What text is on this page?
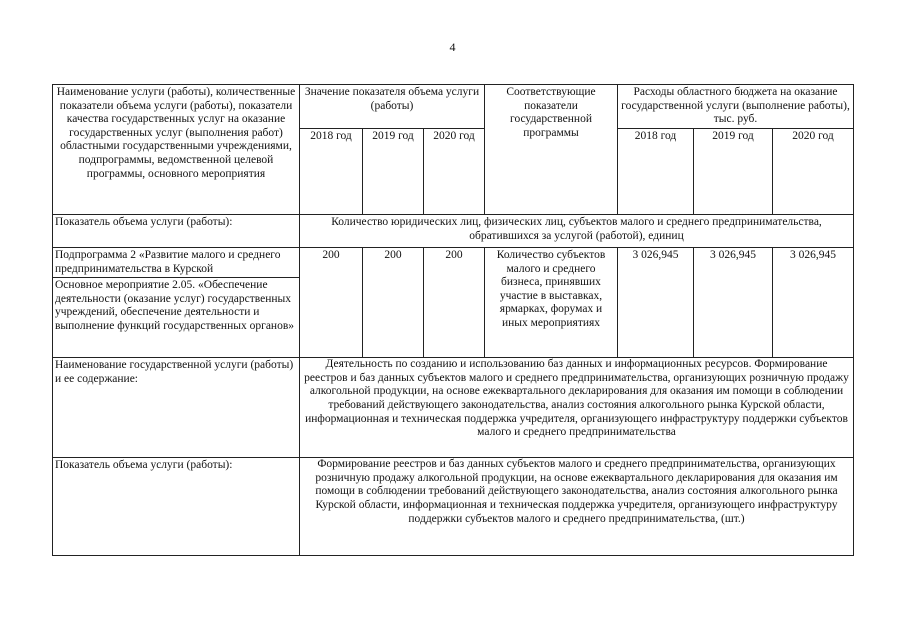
4
Наименование услуги (работы), количественные показатели объема услуги (работы), показатели качества государственных услуг на оказание государственных услуг (выполнения работ) областными государственными учреждениями, подпрограммы, ведомственной целевой программы, основного мероприятия	Значение показателя объема услуги (работы)			Соответствующие показатели государственной программы	Расходы областного бюджета на оказание государственной услуги (выполнение работы), тыс. руб.		
	2018 год	2019 год	2020 год		2018 год	2019 год	2020 год
Показатель объема услуги (работы):	Количество юридических лиц, физических лиц, субъектов малого и среднего предпринимательства, обратившихся за услугой (работой), единиц						
Подпрограмма 2 «Развитие малого и среднего предпринимательства в Курской	200	200	200	Количество субъектов малого и среднего бизнеса, принявших участие в выставках, ярмарках, форумах и иных мероприятиях	3 026,945	3 026,945	3 026,945
Основное мероприятие 2.05. «Обеспечение деятельности (оказание услуг) государственных учреждений, обеспечение деятельности и выполнение функций государственных органов»							
Наименование государственной услуги (работы) и ее содержание:	Деятельность по созданию и использованию баз данных и информационных ресурсов. Формирование реестров и баз данных субъектов малого и среднего предпринимательства, организующих розничную продажу алкогольной продукции, на основе ежеквартального декларирования для оказания им помощи в соблюдении требований действующего законодательства, анализ состояния алкогольного рынка Курской области, информационная и техническая поддержка учредителя, организующего инфраструктуру поддержки субъектов малого и среднего предпринимательства						
Показатель объема услуги (работы):	Формирование реестров и баз данных субъектов малого и среднего предпринимательства, организующих розничную продажу алкогольной продукции, на основе ежеквартального декларирования для оказания им помощи в соблюдении требований действующего законодательства, анализ состояния алкогольного рынка Курской области, информационная и техническая поддержка учредителя, организующего инфраструктуру поддержки субъектов малого и среднего предпринимательства, (шт.)						
